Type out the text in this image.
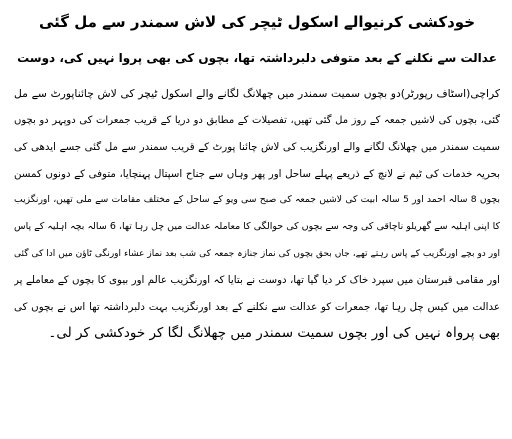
خودکشی کرنیوالے اسکول ٹیچر کی لاش سمندر سے مل گئی
عدالت سے نکلنے کے بعد متوفی دلبرداشتہ تھا، بچوں کی بھی پروا نہیں کی، دوست
کراچی(اسٹاف رپورٹر)دو بچوں سمیت سمندر میں چھلانگ لگانے والے اسکول ٹیچر کی لاش چائناپورٹ سے مل
گئی، بچوں کی لاشیں جمعہ کے روز مل گئی تھیں، تفصیلات کے مطابق دو دریا کے قریب جمعرات کی دوپہر دو بچوں
سمیت سمندر میں چھلانگ لگانے والے اورنگزیب کی لاش چائنا پورٹ کے قریب سمندر سے مل گئی جسے ایدھی کی
بحریہ خدمات کی ٹیم نے لانچ کے ذریعے پہلے ساحل اور پھر وہاں سے جناح اسپتال پہنچایا، متوفی کے دونوں کمسن
بچوں 8 سالہ احمد اور 5 سالہ ابیت کی لاشیں جمعہ کی صبح سی ویو کے ساحل کے مختلف مقامات سے ملی تھیں، اورنگزیب
کا اپنی اہلیہ سے گھریلو ناچاقی کی وجہ سے بچوں کی حوالگی کا معاملہ عدالت میں چل رہا تھا، 6 سالہ بچہ اہلیہ کے پاس
اور دو بچے اورنگزیب کے پاس رہتے تھے، جاں بحق بچوں کی نماز جنازہ جمعہ کی شب بعد نماز عشاء اورنگی ٹاؤن میں ادا کی گئی
اور مقامی قبرستان میں سپرد خاک کر دیا گیا تھا، دوست نے بتایا کہ اورنگزیب عالم اور بیوی کا بچوں کے معاملے پر
عدالت میں کیس چل رہا تھا، جمعرات کو عدالت سے نکلنے کے بعد اورنگزیب بہت دلبرداشتہ تھا اس نے بچوں کی
بھی پرواہ نہیں کی اور بچوں سمیت سمندر میں چھلانگ لگا کر خودکشی کر لی۔
